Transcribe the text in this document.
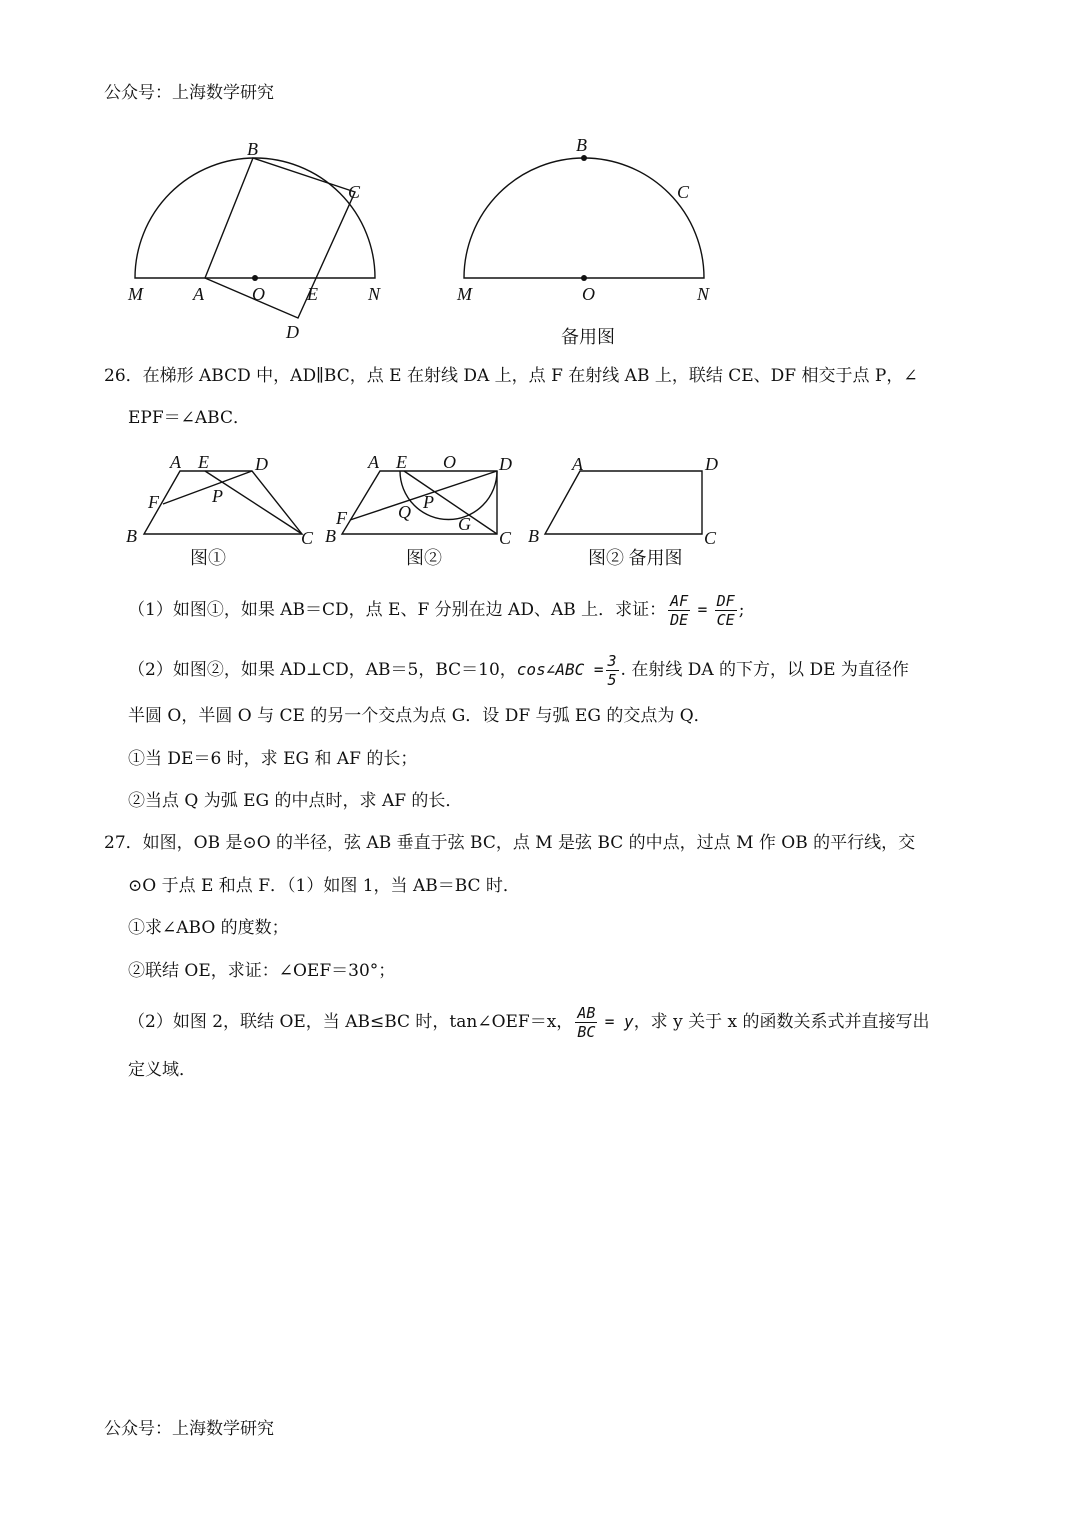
公众号：上海数学研究
B
C
M	A	O E	N
D
B
C
M	O	N
备用图
26．在梯形 ABCD 中，AD∥BC，点 E 在射线 DA 上，点 F 在射线 AB 上，联结 CE、DF 相交于点 P，∠
EPF＝∠ABC．
A E	D
F	P
B	C
A E O D
F	Q P
G
B	C
A	D
B	C
图①	图②	图② 备用图
（1）如图①，如果 AB＝CD，点 E、F 分别在边 AD、AB 上．求证： $\frac{AF}{DE} = \frac{DF}{CE}$ ;
（2）如图②，如果 AD⊥CD，AB＝5，BC＝10，cos∠ABC = $\frac{3}{5}$ . 在射线 DA 的下方，以 DE 为直径作
半圆 O，半圆 O 与 CE 的另一个交点为点 G．设 DF 与弧 EG 的交点为 Q．
①当 DE＝6 时，求 EG 和 AF 的长；
②当点 Q 为弧 EG 的中点时，求 AF 的长．
27．如图，OB 是⊙O 的半径，弦 AB 垂直于弦 BC，点 M 是弦 BC 的中点，过点 M 作 OB 的平行线，交
⊙O 于点 E 和点 F．（1）如图 1，当 AB＝BC 时．
①求∠ABO 的度数；
②联结 OE，求证：∠OEF＝30°；
（2）如图 2，联结 OE，当 AB≤BC 时，tan∠OEF＝x， $\frac{AB}{BC} = y$，求 y 关于 x 的函数关系式并直接写出
定义域．
公众号：上海数学研究
